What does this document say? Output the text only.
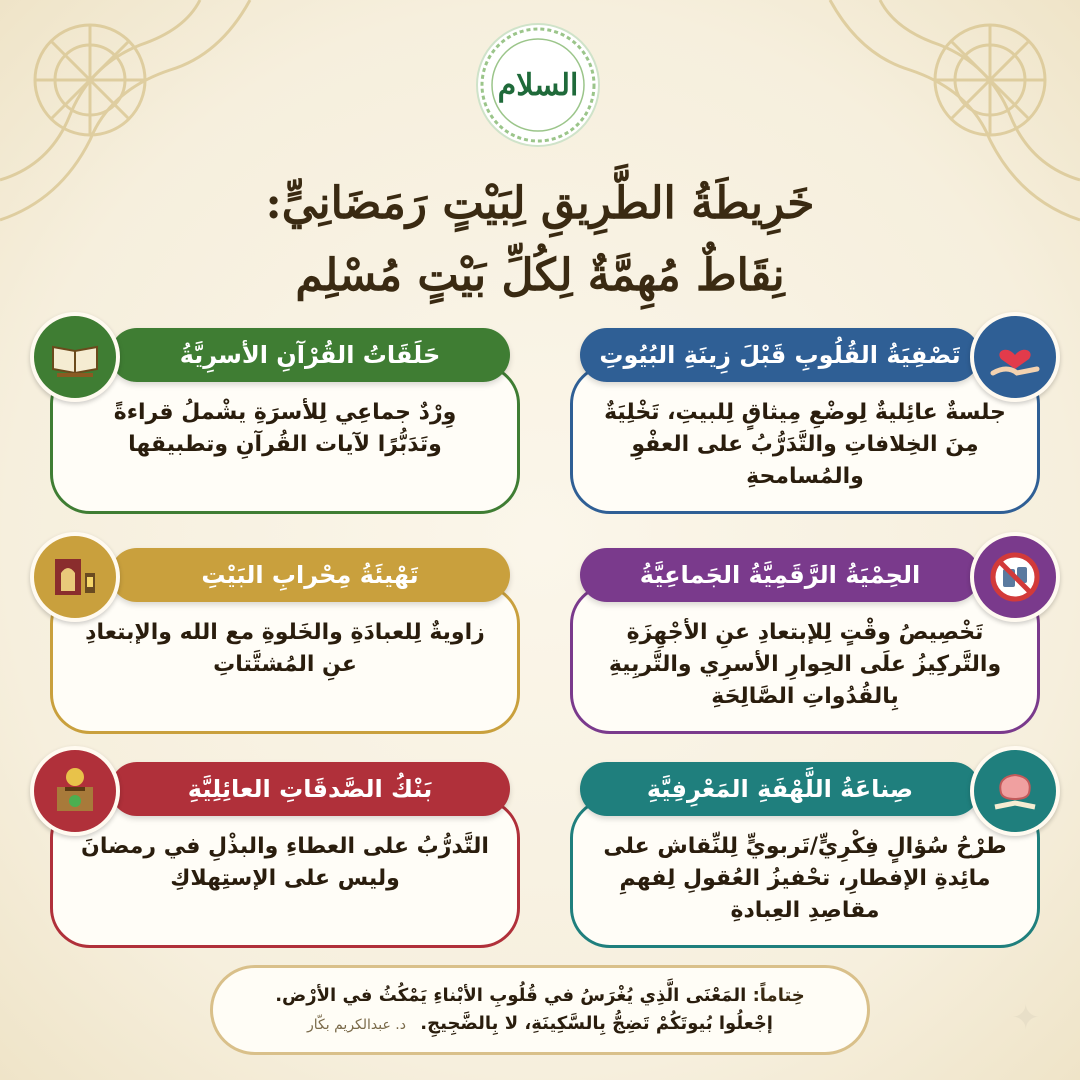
السلام
خَرِيطَةُ الطَّرِيقِ لِبَيْتٍ رَمَضَانِيٍّ:
نِقَاطٌ مُهِمَّةٌ لِكُلِّ بَيْتٍ مُسْلِم
تَصْفِيَةُ القُلُوبِ قَبْلَ زِينَةِ البُيُوتِ
جلسةٌ عائِليةٌ لِوضْعِ مِيثاقٍ لِلبيتِ، تَخْلِيَةٌ مِنَ الخِلافاتِ والتَّدَرُّبُ على العفْوِ والمُسامحةِ
حَلَقَاتُ القُرْآنِ الأسرِيَّةُ
وِرْدٌ جماعِي لِلأسرَةِ يشْملُ قراءةً وتَدَبُّرًا لآيات القُرآنِ وتطبيقها
الحِمْيَةُ الرَّقَمِيَّةُ الجَماعِيَّةُ
تَخْصِيصُ وقْتٍ لِلإبتعادِ عنِ الأجْهِزَةِ والتَّركِيزُ علَى الحِوارِ الأسرِي والتَّربِيةِ بِالقُدُواتِ الصَّالِحَةِ
تَهْيئَةُ مِحْرابِ البَيْتِ
زاويةٌ لِلعبادَةِ والخَلوةِ مع الله والإبتعادِ عنِ المُشتَّتاتِ
صِناعَةُ اللَّهْفَةِ المَعْرِفِيَّةِ
طرْحُ سُؤالٍ فِكْرِيٍّ/تَربويٍّ لِلنِّقاش على مائِدةِ الإفطارِ، تحْفيزُ العُقولِ لِفهمِ مقاصِدِ العِبادةِ
بَنْكُ الصَّدقَاتِ العائِلِيَّةِ
التَّدرُّبُ على العطاءِ والبذْلِ في رمضانَ وليس على الإستِهلاكِ
خِتاماً: المَعْنَى الَّذِي يُغْرَسُ في قُلُوبِ الأبْناءِ يَمْكُثُ في الأرْض.
إجْعلُوا بُيوتَكُمْ تَضِجُّ بِالسَّكِينَةِ، لا بِالضَّجِيجِ. د. عبدالكريم بكّار	✦
